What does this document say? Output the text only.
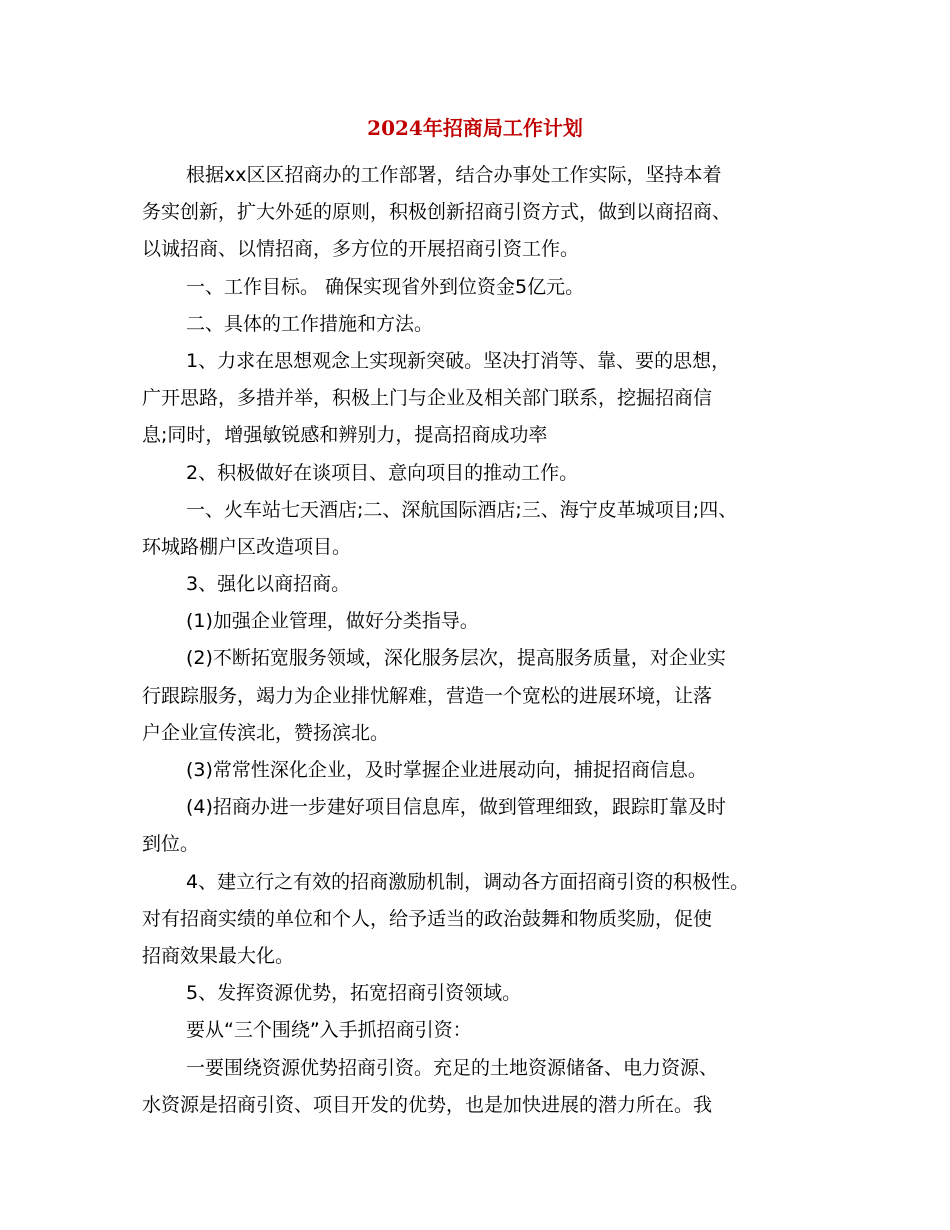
2024年招商局工作计划
根据xx区区招商办的工作部署，结合办事处工作实际，坚持本着
务实创新，扩大外延的原则，积极创新招商引资方式，做到以商招商、
以诚招商、以情招商，多方位的开展招商引资工作。
一、工作目标。 确保实现省外到位资金5亿元。
二、具体的工作措施和方法。
1、力求在思想观念上实现新突破。坚决打消等、靠、要的思想，
广开思路，多措并举，积极上门与企业及相关部门联系，挖掘招商信
息;同时，增强敏锐感和辨别力，提高招商成功率
2、积极做好在谈项目、意向项目的推动工作。
一、火车站七天酒店;二、深航国际酒店;三、海宁皮革城项目;四、
环城路棚户区改造项目。
3、强化以商招商。
(1)加强企业管理，做好分类指导。
(2)不断拓宽服务领域，深化服务层次，提高服务质量，对企业实
行跟踪服务，竭力为企业排忧解难，营造一个宽松的进展环境，让落
户企业宣传滨北，赞扬滨北。
(3)常常性深化企业，及时掌握企业进展动向，捕捉招商信息。
(4)招商办进一步建好项目信息库，做到管理细致，跟踪盯靠及时
到位。
4、建立行之有效的招商激励机制，调动各方面招商引资的积极性。
对有招商实绩的单位和个人，给予适当的政治鼓舞和物质奖励，促使
招商效果最大化。
5、发挥资源优势，拓宽招商引资领域。
要从“三个围绕”入手抓招商引资：
一要围绕资源优势招商引资。充足的土地资源储备、电力资源、
水资源是招商引资、项目开发的优势，也是加快进展的潜力所在。我
